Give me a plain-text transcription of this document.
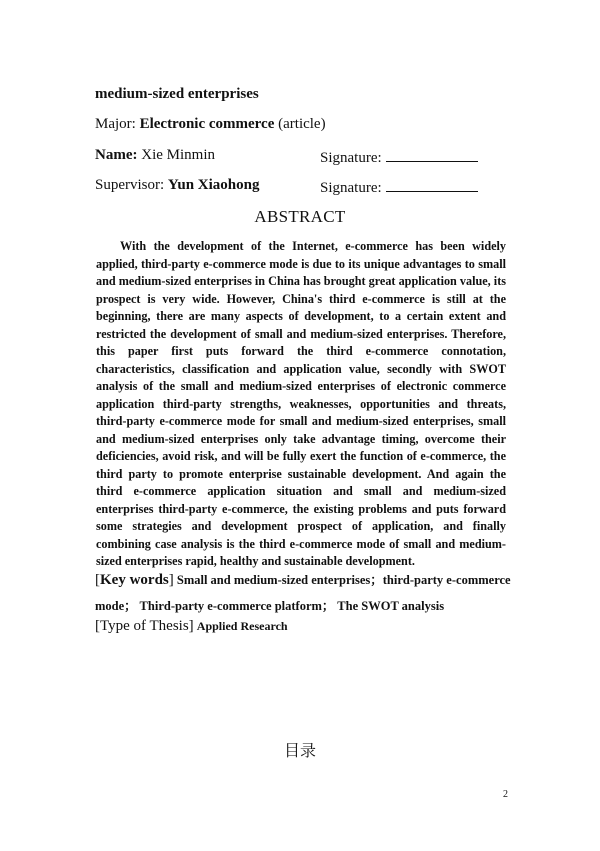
medium-sized enterprises
Major: Electronic commerce (article)
Name: Xie Minmin	Signature:
Supervisor: Yun Xiaohong	Signature:
ABSTRACT
With the development of the Internet, e-commerce has been widely applied, third-party e-commerce mode is due to its unique advantages to small and medium-sized enterprises in China has brought great application value, its prospect is very wide. However, China's third e-commerce is still at the beginning, there are many aspects of development, to a certain extent and restricted the development of small and medium-sized enterprises. Therefore, this paper first puts forward the third e-commerce connotation, characteristics, classification and application value, secondly with SWOT analysis of the small and medium-sized enterprises of electronic commerce application third-party strengths, weaknesses, opportunities and threats, third-party e-commerce mode for small and medium-sized enterprises, small and medium-sized enterprises only take advantage timing, overcome their deficiencies, avoid risk, and will be fully exert the function of e-commerce, the third party to promote enterprise sustainable development. And again the third e-commerce application situation and small and medium-sized enterprises third-party e-commerce, the existing problems and puts forward some strategies and development prospect of application, and finally combining case analysis is the third e-commerce mode of small and medium-sized enterprises rapid, healthy and sustainable development.
[Key words] Small and medium-sized enterprises；third-party e-commerce
mode； Third-party e-commerce platform； The SWOT analysis
[Type of Thesis] Applied Research
目录
2
